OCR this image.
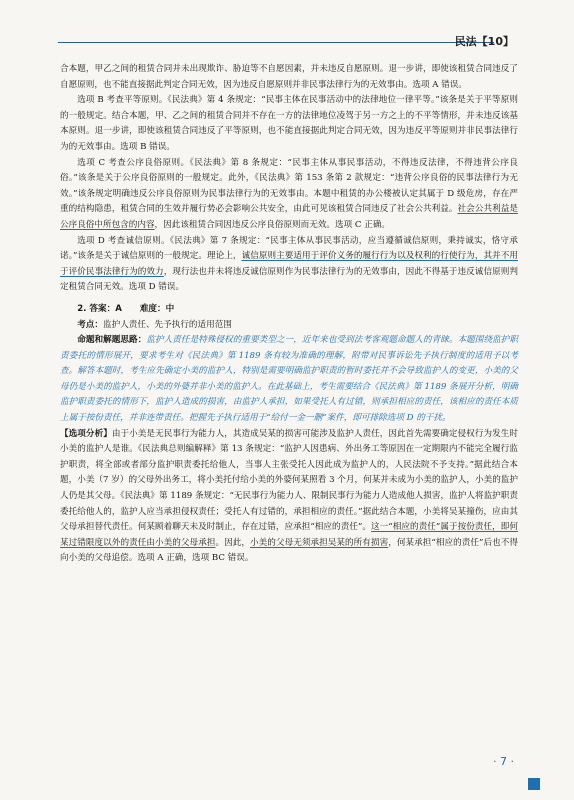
民法【10】

合本题，甲乙之间的租赁合同并未出现欺诈、胁迫等不自愿因素，并未违反自愿原则。退一步讲，即使该租赁合同违反了自愿原则，也不能直接据此判定合同无效，因为违反自愿原则并非民事法律行为的无效事由。选项 A 错误。

选项 B 考查平等原则。《民法典》第 4 条规定：“民事主体在民事活动中的法律地位一律平等。”该条是关于平等原则的一般规定。结合本题，甲、乙之间的租赁合同并不存在一方的法律地位凌驾于另一方之上的不平等情形，并未违反该基本原则。退一步讲，即使该租赁合同违反了平等原则，也不能直接据此判定合同无效，因为违反平等原则并非民事法律行为的无效事由。选项 B 错误。

选项 C 考查公序良俗原则。《民法典》第 8 条规定：“民事主体从事民事活动，不得违反法律，不得违背公序良俗。”该条是关于公序良俗原则的一般规定。此外，《民法典》第 153 条第 2 款规定：“违背公序良俗的民事法律行为无效。”该条规定明确违反公序良俗原则为民事法律行为的无效事由。本题中租赁的办公楼被认定其属于 D 级危房，存在严重的结构隐患，租赁合同的生效并履行势必会影响公共安全，由此可见该租赁合同违反了社会公共利益。社会公共利益是公序良俗中所包含的内容，因此该租赁合同因违反公序良俗原则而无效。选项 C 正确。

选项 D 考查诚信原则。《民法典》第 7 条规定：“民事主体从事民事活动，应当遵循诚信原则，秉持诚实，恪守承诺。”该条是关于诚信原则的一般规定。理论上，诚信原则主要适用于评价义务的履行行为以及权利的行使行为，其并不用于评价民事法律行为的效力，现行法也并未将违反诚信原则作为民事法律行为的无效事由，因此不得基于违反诚信原则判定租赁合同无效。选项 D 错误。

2. 答案：A 难度：中

考点：监护人责任、先予执行的适用范围

命题和解题思路：监护人责任是特殊侵权的重要类型之一，近年来也受到法考客观题命题人的青睐。本题围绕监护职责委托的情形展开，要求考生对《民法典》第 1189 条有较为准确的理解，附带对民事诉讼先予执行制度的适用予以考查。解答本题时，考生应先确定小美的监护人，特别是需要明确监护职责的暂时委托并不会导致监护人的变更，小美的父母仍是小美的监护人，小美的外婆并非小美的监护人。在此基础上，考生需要结合《民法典》第 1189 条展开分析，明确监护职责委托的情形下，监护人造成的损害，由监护人承担，如果受托人有过错，则承担相应的责任，该相应的责任本质上属于按份责任，并非连带责任。把握先予执行适用于“给付一金一删”案件，即可排除选项 D 的干扰。

【选项分析】由于小美是无民事行为能力人，其造成吴某的损害可能涉及监护人责任，因此首先需要确定侵权行为发生时小美的监护人是谁。《民法典总则编解释》第 13 条规定：“监护人因患病、外出务工等原因在一定期限内不能完全履行监护职责，将全部或者部分监护职责委托给他人，当事人主张受托人因此成为监护人的，人民法院不予支持。”据此结合本题，小美（7 岁）的父母外出务工，将小美托付给小美的外婆何某照看 3 个月，何某并未成为小美的监护人，小美的监护人仍是其父母。《民法典》第 1189 条规定：“无民事行为能力人、限制民事行为能力人造成他人损害，监护人将监护职责委托给他人的，监护人应当承担侵权责任；受托人有过错的，承担相应的责任。”据此结合本题，小美将吴某撞伤，应由其父母承担替代责任。何某顾着聊天未及时制止，存在过错，应承担“相应的责任”。这一“相应的责任”属于按份责任，即何某过错限度以外的责任由小美的父母承担。因此，小美的父母无须承担吴某的所有损害，何某承担“相应的责任”后也不得向小美的父母追偿。选项 A 正确，选项 BC 错误。

· 7 ·
